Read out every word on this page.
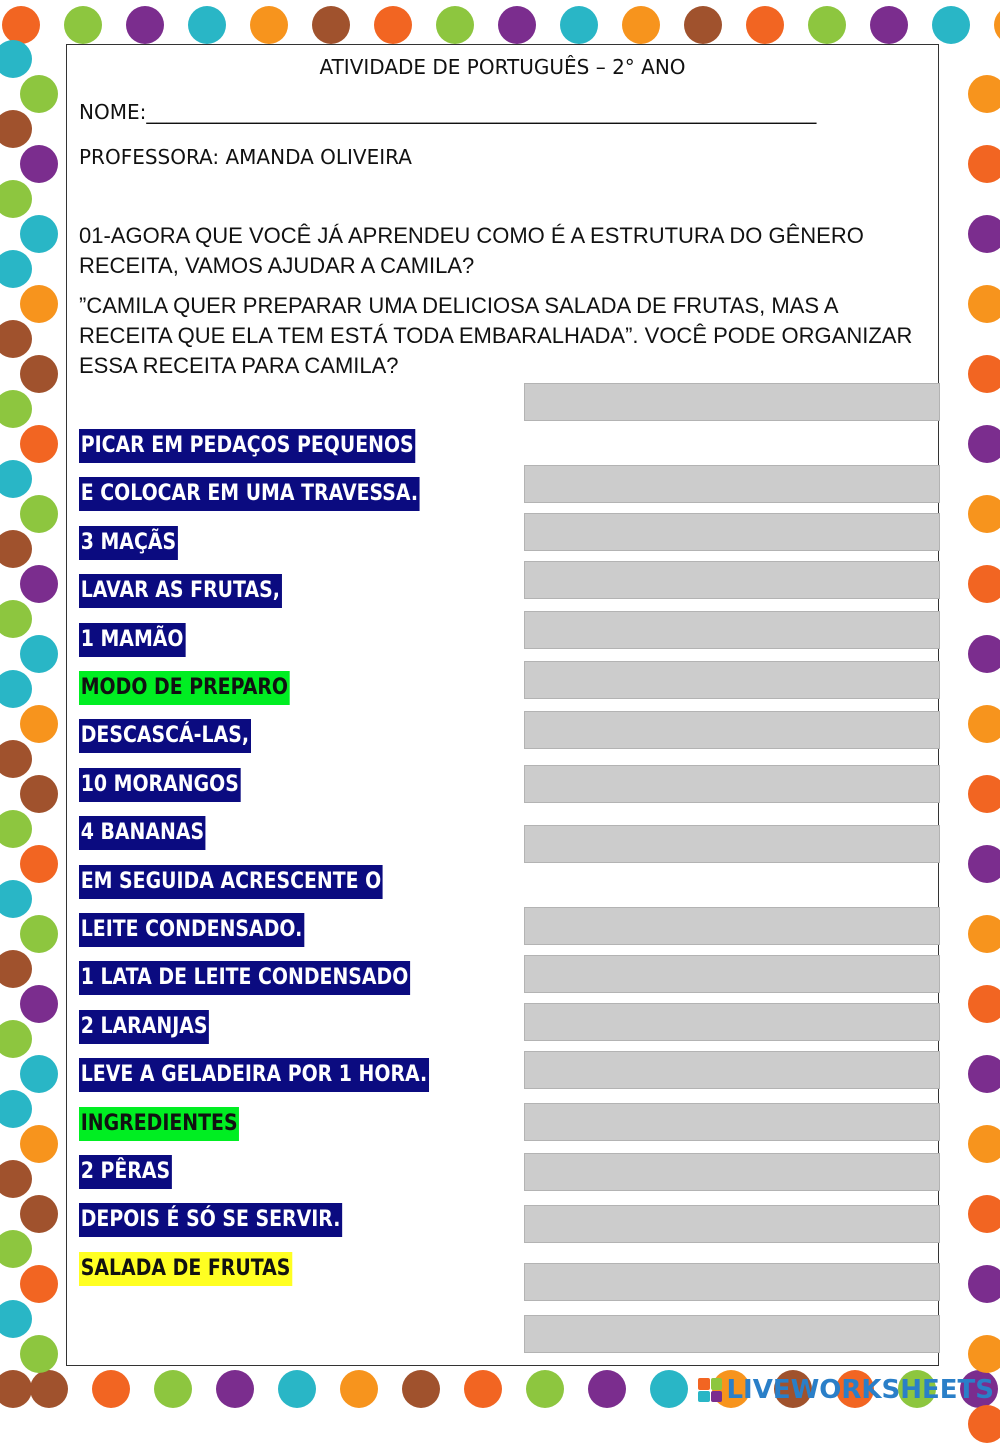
ATIVIDADE DE PORTUGUÊS – 2° ANO
NOME:___________________________________________________________________
PROFESSORA: AMANDA OLIVEIRA
01-AGORA QUE VOCÊ JÁ APRENDEU COMO É A ESTRUTURA DO GÊNERO RECEITA, VAMOS AJUDAR A CAMILA?
”CAMILA QUER PREPARAR UMA DELICIOSA SALADA DE FRUTAS, MAS A RECEITA QUE ELA TEM ESTÁ TODA EMBARALHADA”. VOCÊ PODE ORGANIZAR ESSA RECEITA PARA CAMILA?
PICAR EM PEDAÇOS PEQUENOS
E COLOCAR EM UMA TRAVESSA.
3 MAÇÃS
LAVAR AS FRUTAS,
1 MAMÃO
MODO DE PREPARO
DESCASCÁ-LAS,
10 MORANGOS
4 BANANAS
EM SEGUIDA ACRESCENTE O
LEITE CONDENSADO.
1 LATA DE LEITE CONDENSADO
2 LARANJAS
LEVE A GELADEIRA POR 1 HORA.
INGREDIENTES
2 PÊRAS
DEPOIS É SÓ SE SERVIR.
SALADA DE FRUTAS
LIVEWORKSHEETS
